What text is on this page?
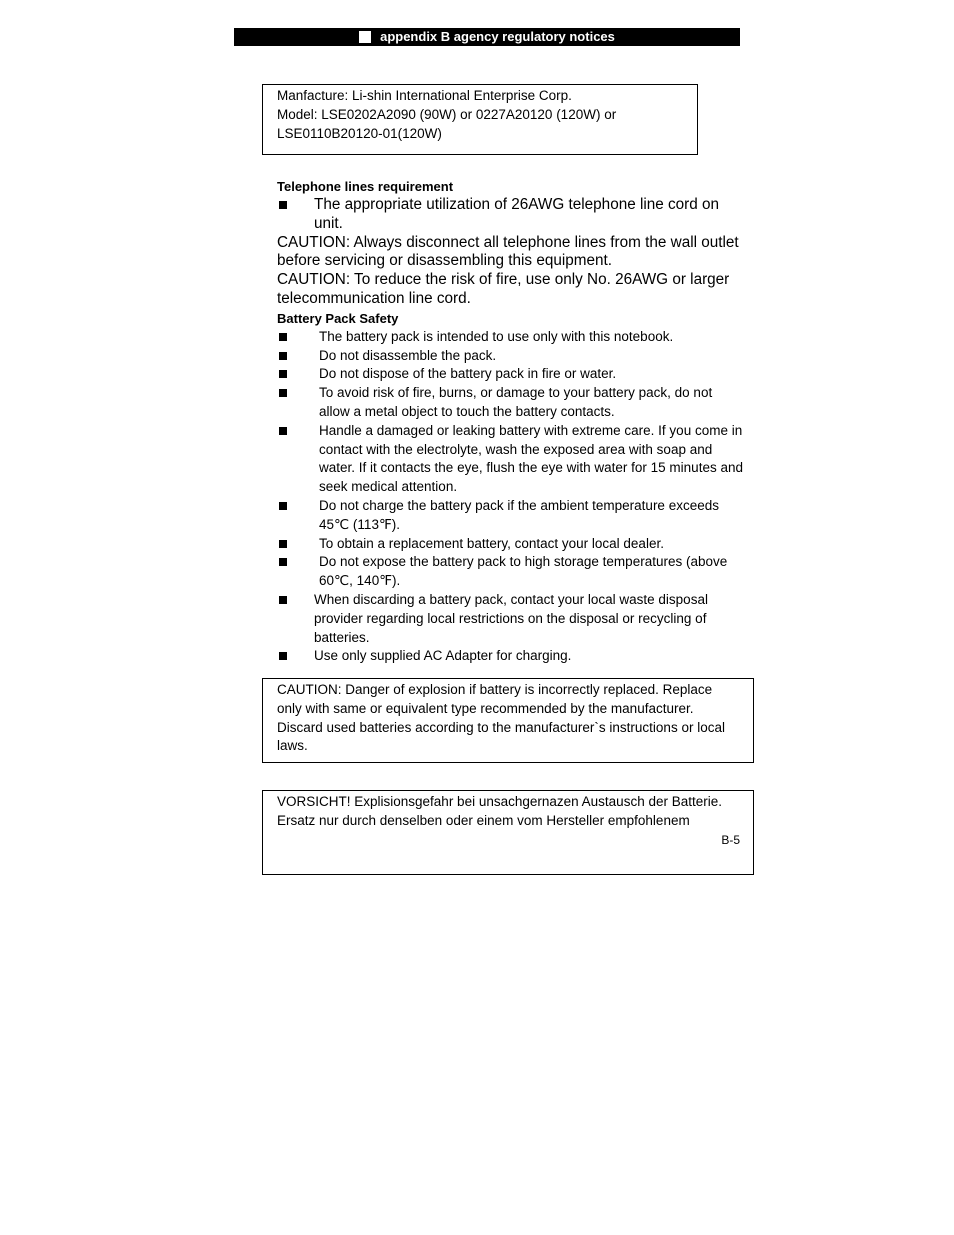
appendix B agency regulatory notices

Manfacture: Li-shin International Enterprise Corp.

Model: LSE0202A2090 (90W) or 0227A20120 (120W) or

LSE0110B20120-01(120W)

Telephone lines requirement

The appropriate utilization of 26AWG telephone line cord on unit.

CAUTION: Always disconnect all telephone lines from the wall outlet before servicing or disassembling this equipment.

CAUTION: To reduce the risk of fire, use only No. 26AWG or larger telecommunication line cord.

Battery Pack Safety

The battery pack is intended to use only with this notebook.
Do not disassemble the pack.
Do not dispose of the battery pack in fire or water.
To avoid risk of fire, burns, or damage to your battery pack, do not allow a metal object to touch the battery contacts.
Handle a damaged or leaking battery with extreme care. If you come in contact with the electrolyte, wash the exposed area with soap and water. If it contacts the eye, flush the eye with water for 15 minutes and seek medical attention.
Do not charge the battery pack if the ambient temperature exceeds 45℃ (113℉).
To obtain a replacement battery, contact your local dealer.
Do not expose the battery pack to high storage temperatures (above 60℃, 140℉).
When discarding a battery pack, contact your local waste disposal provider regarding local restrictions on the disposal or recycling of batteries.
Use only supplied AC Adapter for charging.

CAUTION: Danger of explosion if battery is incorrectly replaced. Replace only with same or equivalent type recommended by the manufacturer. Discard used batteries according to the manufacturer`s instructions or local laws.

VORSICHT! Explisionsgefahr bei unsachgernazen Austausch der Batterie. Ersatz nur durch denselben oder einem vom Hersteller empfohlenem

B-5
